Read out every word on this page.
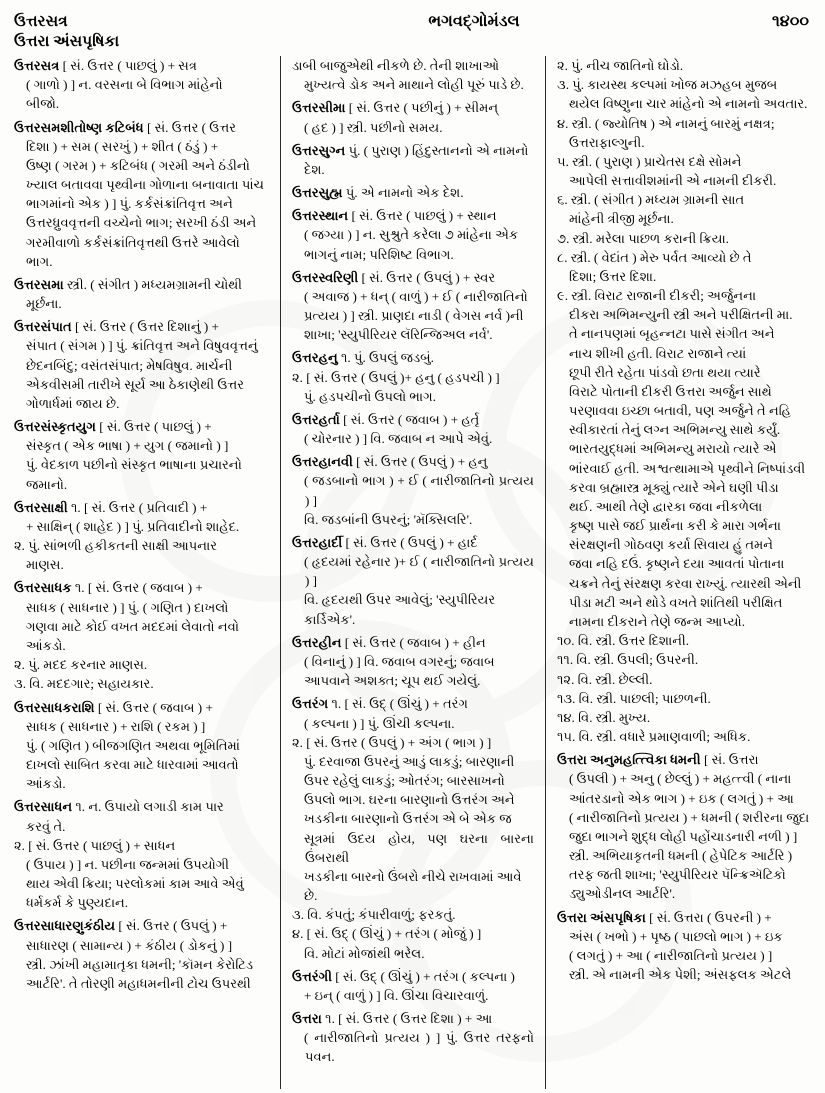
ઉત્તરસત્ર	ભગવદ્ગોમંડલ	૧૪૦૦
ઉત્તરા અંસપૃષિકા

ઉત્તરસત્ર [ સં. ઉત્તર ( પાછલું ) + સત્ર

( ગાળો ) ] ન. વરસના બે વિભાગ માંહેનો

બીજો.

ઉત્તરસમશીતોષ્ણ કટિબંધ [ સં. ઉત્તર ( ઉત્તર

દિશા ) + સમ ( સરખું ) + શીત ( ઠંડું ) +

ઉષ્ણ ( ગરમ ) + કટિબંધ ( ગરમી અને ઠંડીનો

ખ્યાલ બતાવવા પૃથ્વીના ગોળાના બનાવાતા પાંચ

ભાગમાંનો એક ) ] પું. કર્કસંક્રાંતિવૃત્ત અને

ઉત્તરધ્રુવવૃત્તની વચ્ચેનો ભાગ; સરખી ઠંડી અને

ગરમીવાળો કર્કસંક્રાંતિવૃત્તથી ઉત્તરે આવેલો

ભાગ.

ઉત્તરસમા સ્ત્રી. ( સંગીત ) મધ્યમગ્રામની ચોથી

મૂર્છના.

ઉત્તરસંપાત [ સં. ઉત્તર ( ઉત્તર દિશાનું ) +

સંપાત ( સંગમ ) ] પું. ક્રાંતિવૃત્ત અને વિષુવવૃત્તનું

છેદનબિંદુ; વસંતસંપાત; મેષવિષુવ. માર્ચની

એકવીસમી તારીખે સૂર્ય આ ઠેકાણેથી ઉત્તર

ગોળાર્ધમાં જાય છે.

ઉત્તરસંસ્કૃતયુગ [ સં. ઉત્તર ( પાછલું ) +

સંસ્કૃત ( એક ભાષા ) + યુગ ( જમાનો ) ]

પું. વેદકાળ પછીનો સંસ્કૃત ભાષાના પ્રચારનો

જમાનો.

ઉત્તરસાક્ષી ૧. [ સં. ઉત્તર ( પ્રતિવાદી ) +

+ સાક્ષિન્ ( શાહેદ ) ] પું. પ્રતિવાદીનો શાહેદ.

૨. પું. સાંભળી હકીકતની સાક્ષી આપનાર

માણસ.

ઉત્તરસાધક ૧. [ સં. ઉત્તર ( જવાબ ) +

સાધક ( સાધનાર ) ] પું. ( ગણિત ) દાખલો

ગણવા માટે કોઈ વખત મદદમાં લેવાતો નવો

આંકડો.

૨. પું. મદદ કરનાર માણસ.

૩. વિ. મદદગાર; સહાયકાર.

ઉત્તરસાધકરાશિ [ સં. ઉત્તર ( જવાબ ) +

સાધક ( સાધનાર ) + રાશિ ( રકમ ) ]

પું. ( ગણિત ) બીજગણિત અથવા ભૂમિતિમાં

દાખલો સાબિત કરવા માટે ધારવામાં આવતો

આંકડો.

ઉત્તરસાધન ૧. ન. ઉપાયો લગાડી કામ પાર

કરવું તે.

૨. [ સં. ઉત્તર ( પાછલું ) + સાધન

( ઉપાય ) ] ન. પછીના જન્મમાં ઉપયોગી

થાય એવી ક્રિયા; પરલોકમાં કામ આવે એવું

ધર્મકર્મ કે પુણ્યદાન.

ઉત્તરસાધારણુકંઠીય [ સં. ઉત્તર ( ઉપલું ) +

સાધારણ ( સામાન્ય ) + કંઠીય ( ડોકનું ) ]

સ્ત્રી. ઝાંખી મહામાતૃકા ધમની; 'કૉમન કેરોટિડ

આર્ટરિ'. તે તોરણી મહાધમનીની ટોચ ઉપરથી

ડાબી બાજુએથી નીકળે છે. તેની શાખાઓ

મુખ્યત્વે ડોક અને માથાને લોહી પૂરું પાડે છે.

ઉત્તરસીમા [ સં. ઉત્તર ( પછીનું ) + સીમન્

( હદ ) ] સ્ત્રી. પછીનો સમય.

ઉત્તરસુગ્ન પું. ( પુરાણ ) હિંદુસ્તાનનો એ નામનો

દેશ.

ઉત્તરસુહ્મ પું. એ નામનો એક દેશ.

ઉત્તરસ્થાન [ સં. ઉત્તર ( પાછલું ) + સ્થાન

( જગ્યા ) ] ન. સુશ્રુતે કરેલા ૭ માંહેના એક

ભાગનું નામ; પરિશિષ્ટ વિભાગ.

ઉત્તરસ્વરિણી [ સં. ઉત્તર ( ઉપલું ) + સ્વર

( અવાજ ) + ધન્ ( વાળું ) + ઈ ( નારીજાતિનો

પ્રત્યય ) ] સ્ત્રી. પ્રાણદા નાડી ( વેગસ નર્વ )ની

શાખા; 'સ્યુપીરિયર લૅરિન્જિઅલ નર્વ'.

ઉત્તરહનુ ૧. પું. ઉપલું જડબું.

૨. [ સં. ઉત્તર ( ઉપલું )+ હનુ ( હડપચી ) ]

પું. હડપચીનો ઉપલો ભાગ.

ઉત્તરહર્તા [ સં. ઉત્તર ( જવાબ ) + હર્તૃ

( ચોરનાર ) ] વિ. જવાબ ન આપે એવું.

ઉત્તરહાનવી [ સં. ઉત્તર ( ઉપલું ) + હનુ

( જડબાનો ભાગ ) + ઈ ( નારીજાતિનો પ્રત્યય ) ]

વિ. જડબાંની ઉપરનું; 'મૅક્સિલરિ'.

ઉત્તરહાર્દી [ સં. ઉત્તર ( ઉપલું ) + હાર્દ

( હૃદયમાં રહેનાર )+ ઈ ( નારીજાતિનો પ્રત્યય ) ]

વિ. હૃદયથી ઉપર આવેલું; 'સ્યુપીરિયર

કાર્ડિએક'.

ઉત્તરહીન [ સં. ઉત્તર ( જવાબ ) + હીન

( વિનાનું ) ] વિ. જવાબ વગરનું; જવાબ

આપવાને અશક્ત; ચૂપ થઈ ગયેલું.

ઉત્તરંગ ૧. [ સં. ઉદ્ ( ઊંચું ) + તરંગ

( કલ્પના ) ] પું. ઊંચી કલ્પના.

૨. [ સં. ઉત્તર ( ઉપલું ) + અંગ ( ભાગ ) ]

પું. દરવાજા ઉપરનું આડું લાકડું; બારણાની

ઉપર રહેલું લાકડું; ઓતરંગ; બારસાખનો

ઉપલો ભાગ. ઘરના બારણાનો ઉત્તરંગ અને

ખડકીના બારણાનો ઉત્તરંગ એ બે એક જ

સૂત્રમાં ઉદય હોય, પણ ઘરના બારના ઉંબરાથી

ખડકીના બારનો ઉંબરો નીચે રાખવામાં આવે

છે.

૩. વિ. કંપતું; કંપારીવાળું; ફરકતું.

૪. [ સં. ઉદ્ ( ઊંચું ) + તરંગ ( મોજું ) ]

વિ. મોટાં મોજાંથી ભરેલ.

ઉત્તરંગી [ સં. ઉદ્ ( ઊંચું ) + તરંગ ( કલ્પના )

+ ઇન્ ( વાળું ) ] વિ. ઊંચા વિચારવાળું.

ઉત્તરા ૧. [ સં. ઉત્તર ( ઉત્તર દિશા ) + આ

( નારીજાતિનો પ્રત્યય ) ] પું. ઉત્તર તરફનો પવન.

૨. પું. નીચ જાતિનો ઘોડો.

૩. પું. કાયસ્થ કલ્પમાં ખોજ મઝહબ મુજબ

થયેલ વિષ્ણુના ચાર માંહેનો એ નામનો અવતાર.

૪. સ્ત્રી. ( જ્યોતિષ ) એ નામનું બારમું નક્ષત્ર;

ઉત્તરાફાલ્ગુની.

૫. સ્ત્રી. ( પુરાણ ) પ્રાચેતસ દક્ષે સોમને

આપેલી સત્તાવીશમાંની એ નામની દીકરી.

૬. સ્ત્રી. ( સંગીત ) મધ્યમ ગ્રામની સાત

માંહેની ત્રીજી મૂર્છના.

૭. સ્ત્રી. મરેલા પાછળ કરાની ક્રિયા.

૮. સ્ત્રી. ( વેદાંત ) મેરુ પર્વત આવ્યો છે તે

દિશા; ઉત્તર દિશા.

૯. સ્ત્રી. વિરાટ રાજાની દીકરી; અર્જુનના

દીકરા અભિમન્યુની સ્ત્રી અને પરીક્ષિતની મા.

તે નાનપણમાં બૃહન્નટા પાસે સંગીત અને

નાચ શીખી હતી. વિરાટ રાજાને ત્યાં

છૂપી રીતે રહેતા પાંડવો છતા થયા ત્યારે

વિરાટે પોતાની દીકરી ઉત્તરા અર્જુન સાથે

પરણાવવા ઇચ્છા બતાવી, પણ અર્જુને તે નહિ

સ્વીકારતાં તેનું લગ્ન અભિમન્યુ સાથે કર્યું.

ભારતયુદ્ધમાં અભિમન્યુ મરાયો ત્યારે એ

ભાંરવાઈ હતી. અશ્વત્થામાએ પૃથ્વીને નિષ્પાંડવી

કરવા બ્રહ્માસ્ત્ર મૂક્યું ત્યારે એને ઘણી પીડા

થઈ. આથી તેણે દ્વારકા જવા નીકળેલા

કૃષ્ણ પાસે જઈ પ્રાર્થના કરી કે મારા ગર્ભના

સંરક્ષણની ગોઠવણ કર્યા સિવાય હું તમને

જવા નહિ દઉં. કૃષ્ણને દયા આવતાં પોતાના

ચક્રને તેનું સંરક્ષણ કરવા રાખ્યું. ત્યારથી એની

પીડા મટી અને થોડે વખતે શાંતિથી પરીક્ષિત

નામના દીકરાને તેણે જન્મ આપ્યો.

૧૦. વિ. સ્ત્રી. ઉત્તર દિશાની.

૧૧. વિ. સ્ત્રી. ઉપલી; ઉપરની.

૧૨. વિ. સ્ત્રી. છેલ્લી.

૧૩. વિ. સ્ત્રી. પાછલી; પાછળની.

૧૪. વિ. સ્ત્રી. મુખ્ય.

૧૫. વિ. સ્ત્રી. વધારે પ્રમાણવાળી; અધિક.

ઉત્તરા અનુમહત્ત્વિકા ધમની [ સં. ઉત્તરા

( ઉપલી ) + અનુ ( છેલ્લું ) + મહત્ત્વી ( નાના

આંતરડાનો એક ભાગ ) + ઇક ( લગતું ) + આ

( નારીજાતિનો પ્રત્યય ) + ધમની ( શરીરના જુદા

જુદા ભાગને શુદ્ધ લોહી પહોંચાડનારી નળી ) ]

સ્ત્રી. અભિયાકૃતની ધમની ( હેપેટિક આર્ટરિ )

તરફ જતી શાખા; 'સ્યુપીરિયર પૅન્ક્રિઍટિકો

ડ્યુઓડીનલ આર્ટરિ'.

ઉત્તરા અંસપૃષિકા [ સં. ઉત્તરા ( ઉપરની ) +

અંસ ( ખભો ) + પૃષ્ઠ ( પાછલો ભાગ ) + ઇક

( લગતું ) + આ ( નારીજાતિનો પ્રત્યય ) ]

સ્ત્રી. એ નામની એક પેશી; અંસફલક એટલે
